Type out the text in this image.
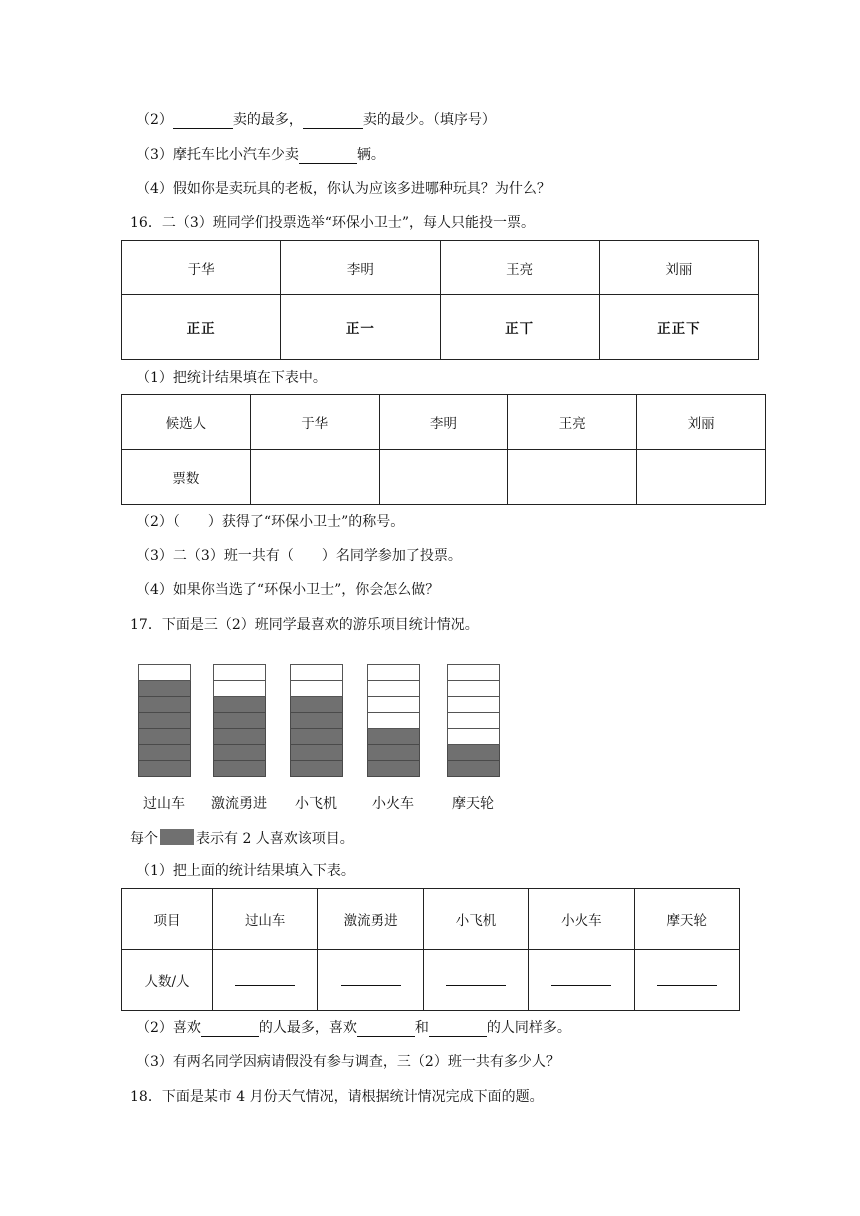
（2）	卖的最多，	卖的最少。（填序号）
（3）摩托车比小汽车少卖	辆。
（4）假如你是卖玩具的老板，你认为应该多进哪种玩具？为什么？
16．二（3）班同学们投票选举“环保小卫士”，每人只能投一票。
于华	李明	王亮	刘丽
正正	正一	正丅	正正下
（1）把统计结果填在下表中。
候选人	于华	李明	王亮	刘丽
票数				
（2）（　　）获得了“环保小卫士”的称号。
（3）二（3）班一共有（　　）名同学参加了投票。
（4）如果你当选了“环保小卫士”，你会怎么做？
17．下面是三（2）班同学最喜欢的游乐项目统计情况。
过山车	激流勇进	小飞机	小火车	摩天轮
每个	表示有 2 人喜欢该项目。
（1）把上面的统计结果填入下表。
项目	过山车	激流勇进	小飞机	小火车	摩天轮
人数/人					
（2）喜欢	的人最多，喜欢	和	的人同样多。
（3）有两名同学因病请假没有参与调查，三（2）班一共有多少人？
18．下面是某市 4 月份天气情况，请根据统计情况完成下面的题。
